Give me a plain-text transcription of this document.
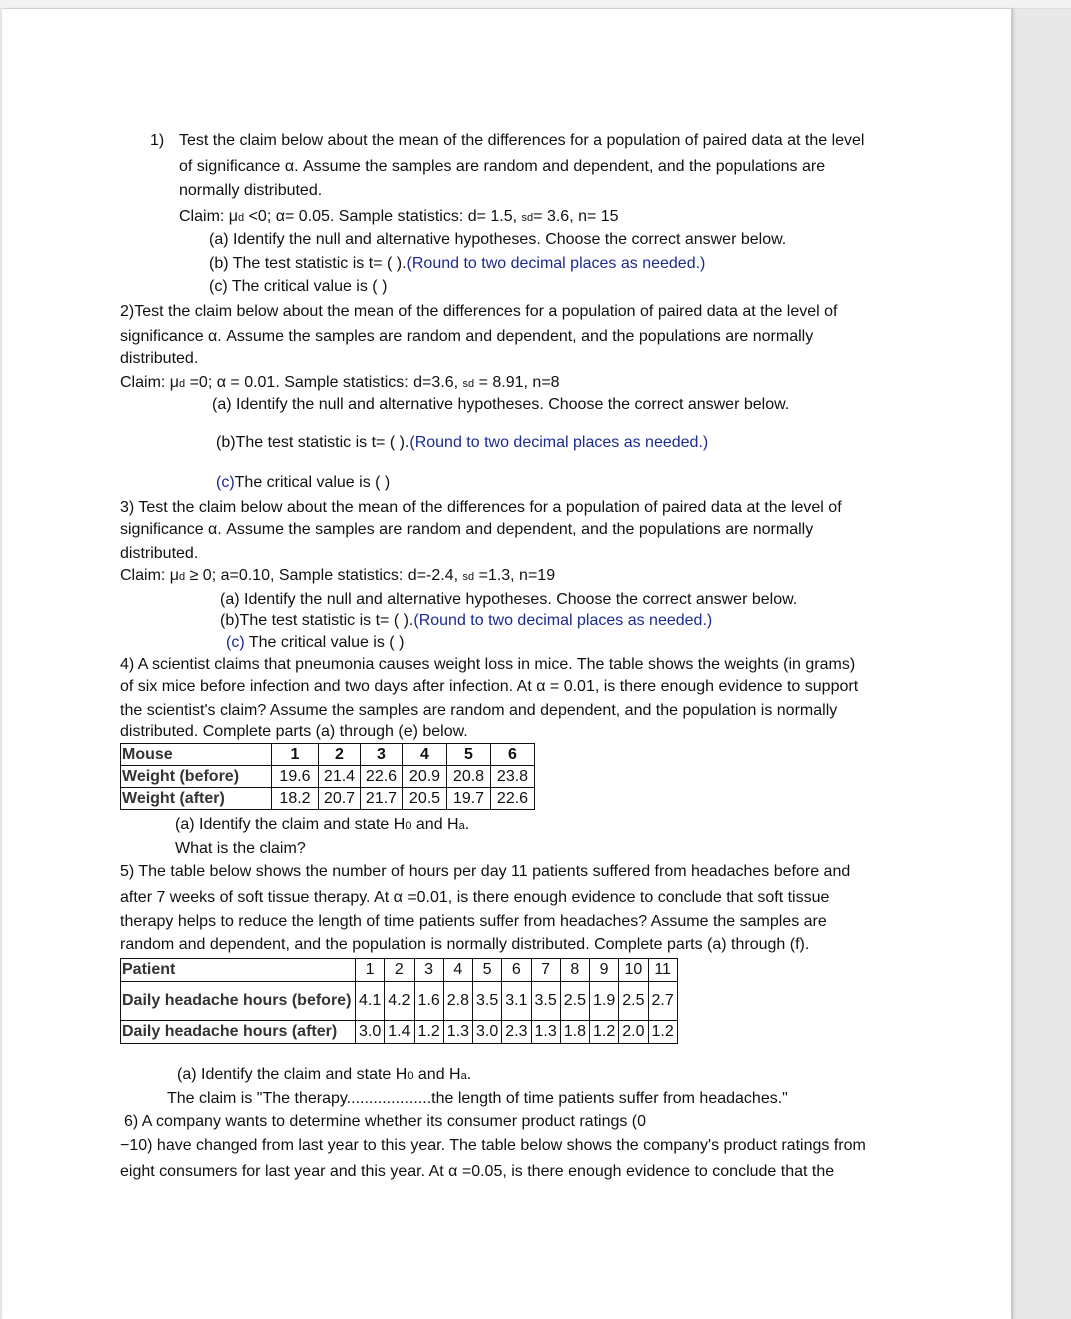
1) Test the claim below about the mean of the differences for a population of paired data at the level
of significance α. Assume the samples are random and dependent, and the populations are
normally distributed.
Claim: μd <0; α= 0.05. Sample statistics: d= 1.5, sd= 3.6, n= 15
(a) Identify the null and alternative hypotheses. Choose the correct answer below.
(b) The test statistic is t= ( ).(Round to two decimal places as needed.)
(c) The critical value is ( )
2)Test the claim below about the mean of the differences for a population of paired data at the level of
significance α. Assume the samples are random and dependent, and the populations are normally
distributed.
Claim: μd =0; α = 0.01. Sample statistics: d=3.6, sd = 8.91, n=8
(a) Identify the null and alternative hypotheses. Choose the correct answer below.
(b)The test statistic is t= ( ).(Round to two decimal places as needed.)
(c)The critical value is ( )
3) Test the claim below about the mean of the differences for a population of paired data at the level of
significance α. Assume the samples are random and dependent, and the populations are normally
distributed.
Claim: μd ≥ 0; a=0.10, Sample statistics: d=-2.4, sd =1.3, n=19
(a) Identify the null and alternative hypotheses. Choose the correct answer below.
(b)The test statistic is t= ( ).(Round to two decimal places as needed.)
(c) The critical value is ( )
4) A scientist claims that pneumonia causes weight loss in mice. The table shows the weights (in grams)
of six mice before infection and two days after infection. At α = 0.01, is there enough evidence to support
the scientist's claim? Assume the samples are random and dependent, and the population is normally
distributed. Complete parts (a) through (e) below.
Mouse	1	2	3	4	5	6
Weight (before)	19.6	21.4	22.6	20.9	20.8	23.8
Weight (after)	18.2	20.7	21.7	20.5	19.7	22.6
(a) Identify the claim and state H0 and Ha.
What is the claim?
5) The table below shows the number of hours per day 11 patients suffered from headaches before and
after 7 weeks of soft tissue therapy. At α =0.01, is there enough evidence to conclude that soft tissue
therapy helps to reduce the length of time patients suffer from headaches? Assume the samples are
random and dependent, and the population is normally distributed. Complete parts (a) through (f).
Patient	1	2	3	4	5	6	7	8	9	10	11
Daily headache hours (before)	4.1	4.2	1.6	2.8	3.5	3.1	3.5	2.5	1.9	2.5	2.7
Daily headache hours (after)	3.0	1.4	1.2	1.3	3.0	2.3	1.3	1.8	1.2	2.0	1.2
(a) Identify the claim and state H0 and Ha.
The claim is "The therapy...................the length of time patients suffer from headaches."
6) A company wants to determine whether its consumer product ratings (0
−10) have changed from last year to this year. The table below shows the company's product ratings from
eight consumers for last year and this year. At α =0.05, is there enough evidence to conclude that the
